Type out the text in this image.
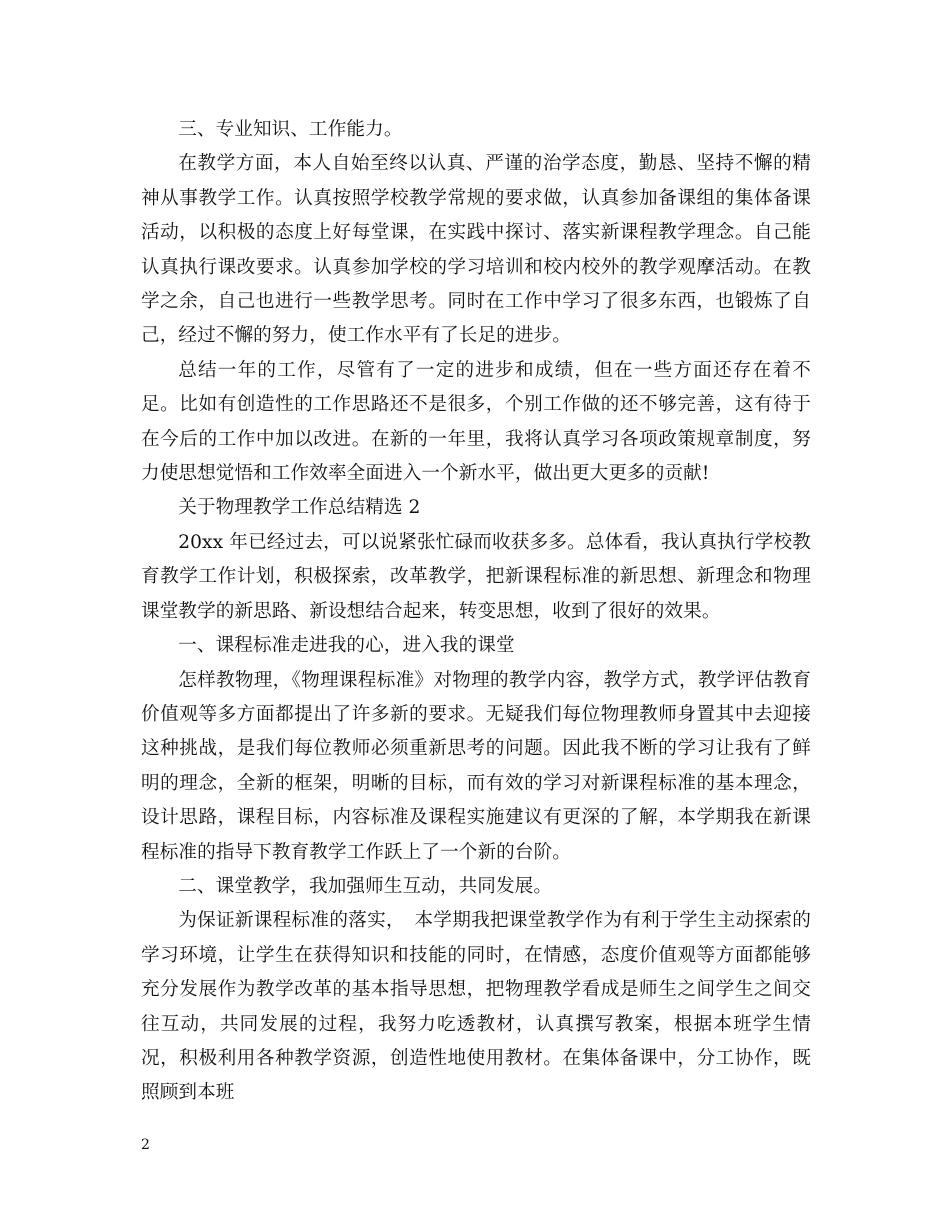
三、专业知识、工作能力。

在教学方面，本人自始至终以认真、严谨的治学态度，勤恳、坚持不懈的精神从事教学工作。认真按照学校教学常规的要求做，认真参加备课组的集体备课活动，以积极的态度上好每堂课，在实践中探讨、落实新课程教学理念。自己能认真执行课改要求。认真参加学校的学习培训和校内校外的教学观摩活动。在教学之余，自己也进行一些教学思考。同时在工作中学习了很多东西，也锻炼了自己，经过不懈的努力，使工作水平有了长足的进步。

总结一年的工作，尽管有了一定的进步和成绩，但在一些方面还存在着不足。比如有创造性的工作思路还不是很多，个别工作做的还不够完善，这有待于在今后的工作中加以改进。在新的一年里，我将认真学习各项政策规章制度，努力使思想觉悟和工作效率全面进入一个新水平，做出更大更多的贡献!

关于物理教学工作总结精选 2

20xx 年已经过去，可以说紧张忙碌而收获多多。总体看，我认真执行学校教育教学工作计划，积极探索，改革教学，把新课程标准的新思想、新理念和物理课堂教学的新思路、新设想结合起来，转变思想，收到了很好的效果。

一、课程标准走进我的心，进入我的课堂

怎样教物理，《物理课程标准》对物理的教学内容，教学方式，教学评估教育价值观等多方面都提出了许多新的要求。无疑我们每位物理教师身置其中去迎接这种挑战，是我们每位教师必须重新思考的问题。因此我不断的学习让我有了鲜明的理念，全新的框架，明晰的目标，而有效的学习对新课程标准的基本理念，设计思路，课程目标，内容标准及课程实施建议有更深的了解，本学期我在新课程标准的指导下教育教学工作跃上了一个新的台阶。

二、课堂教学，我加强师生互动，共同发展。

为保证新课程标准的落实，　本学期我把课堂教学作为有利于学生主动探索的学习环境，让学生在获得知识和技能的同时，在情感，态度价值观等方面都能够充分发展作为教学改革的基本指导思想，把物理教学看成是师生之间学生之间交往互动，共同发展的过程，我努力吃透教材，认真撰写教案，根据本班学生情况，积极利用各种教学资源，创造性地使用教材。在集体备课中，分工协作，既照顾到本班

2
